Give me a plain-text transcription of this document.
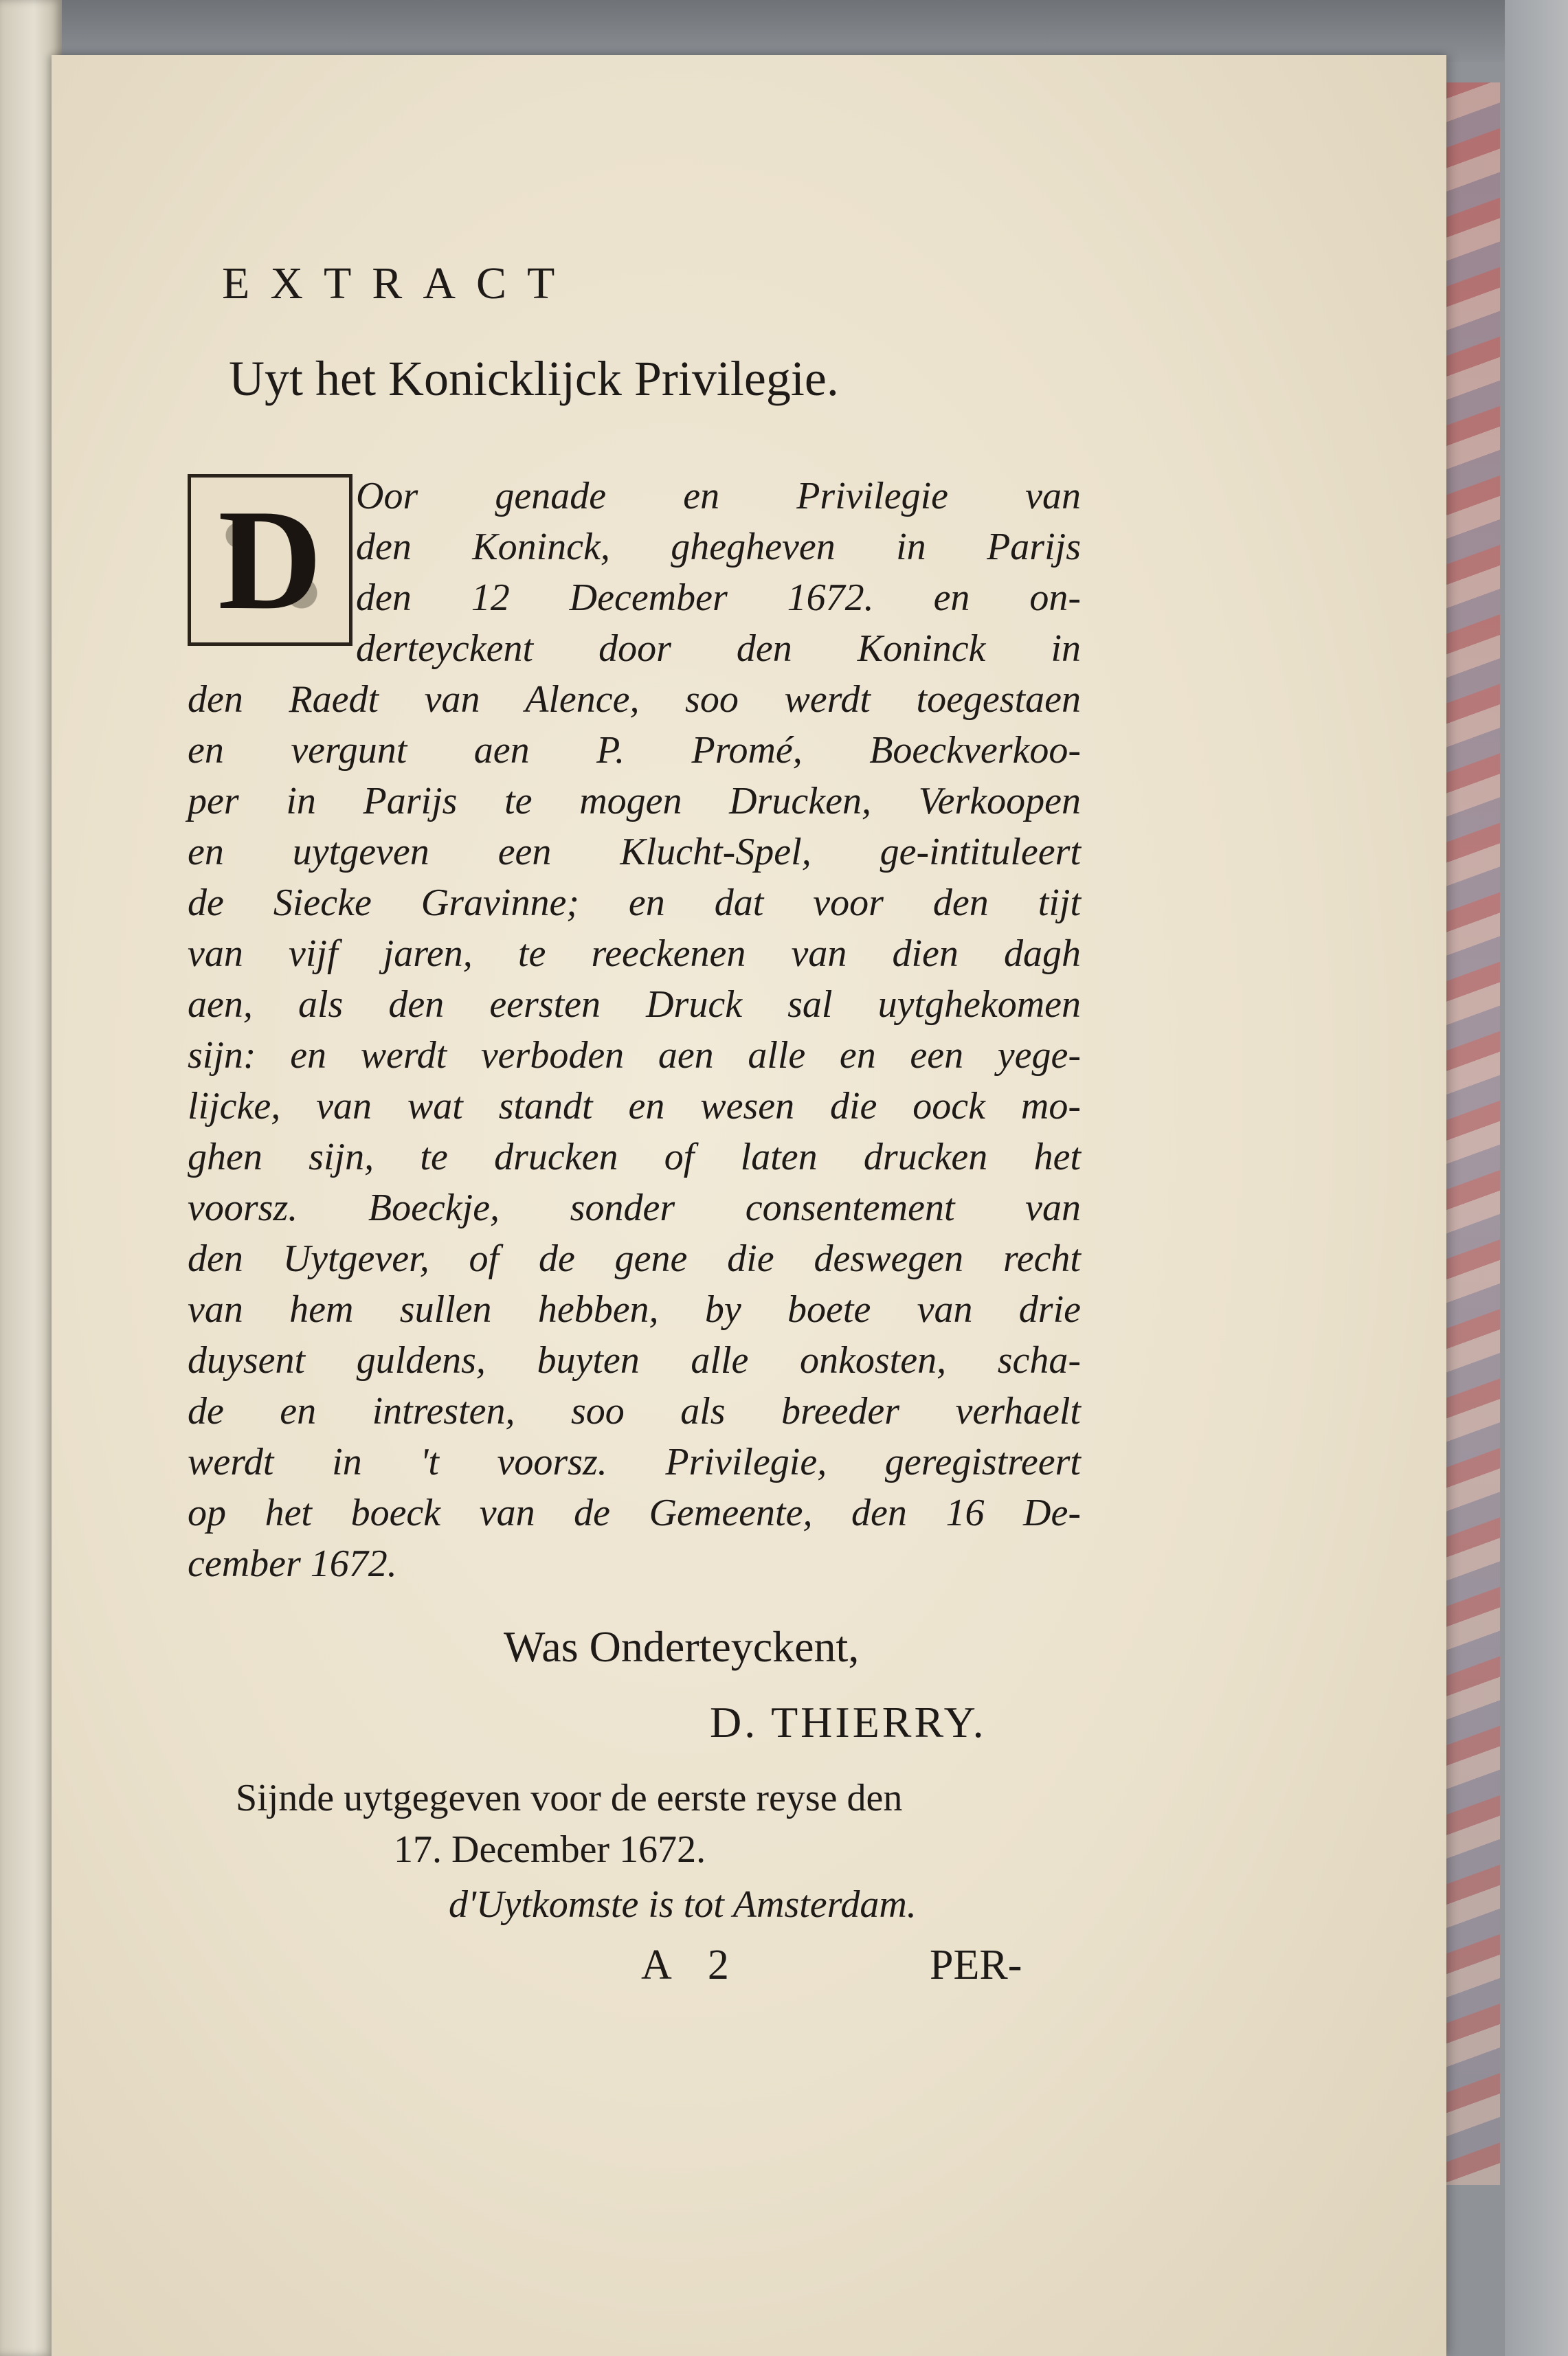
EXTRACT
Uyt het Konicklijck Privilegie.
D Oor genade en Privilegie van
den Koninck, ghegheven in Parijs
den 12 December 1672. en on-
derteyckent door den Koninck in
den Raedt van Alence, soo werdt toegestaen
en vergunt aen P. Promé, Boeckverkoo-
per in Parijs te mogen Drucken, Verkoopen
en uytgeven een Klucht-Spel, ge-intituleert
de Siecke Gravinne; en dat voor den tijt
van vijf jaren, te reeckenen van dien dagh
aen, als den eersten Druck sal uytghekomen
sijn: en werdt verboden aen alle en een yege-
lijcke, van wat standt en wesen die oock mo-
ghen sijn, te drucken of laten drucken het
voorsz. Boeckje, sonder consentement van
den Uytgever, of de gene die deswegen recht
van hem sullen hebben, by boete van drie
duysent guldens, buyten alle onkosten, scha-
de en intresten, soo als breeder verhaelt
werdt in 't voorsz. Privilegie, geregistreert
op het boeck van de Gemeente, den 16 De-
cember 1672.
Was Onderteyckent,
D. THIERRY.
Sijnde uytgegeven voor de eerste reyse den
17. December 1672.
d'Uytkomste is tot Amsterdam.
A 2	PER-
